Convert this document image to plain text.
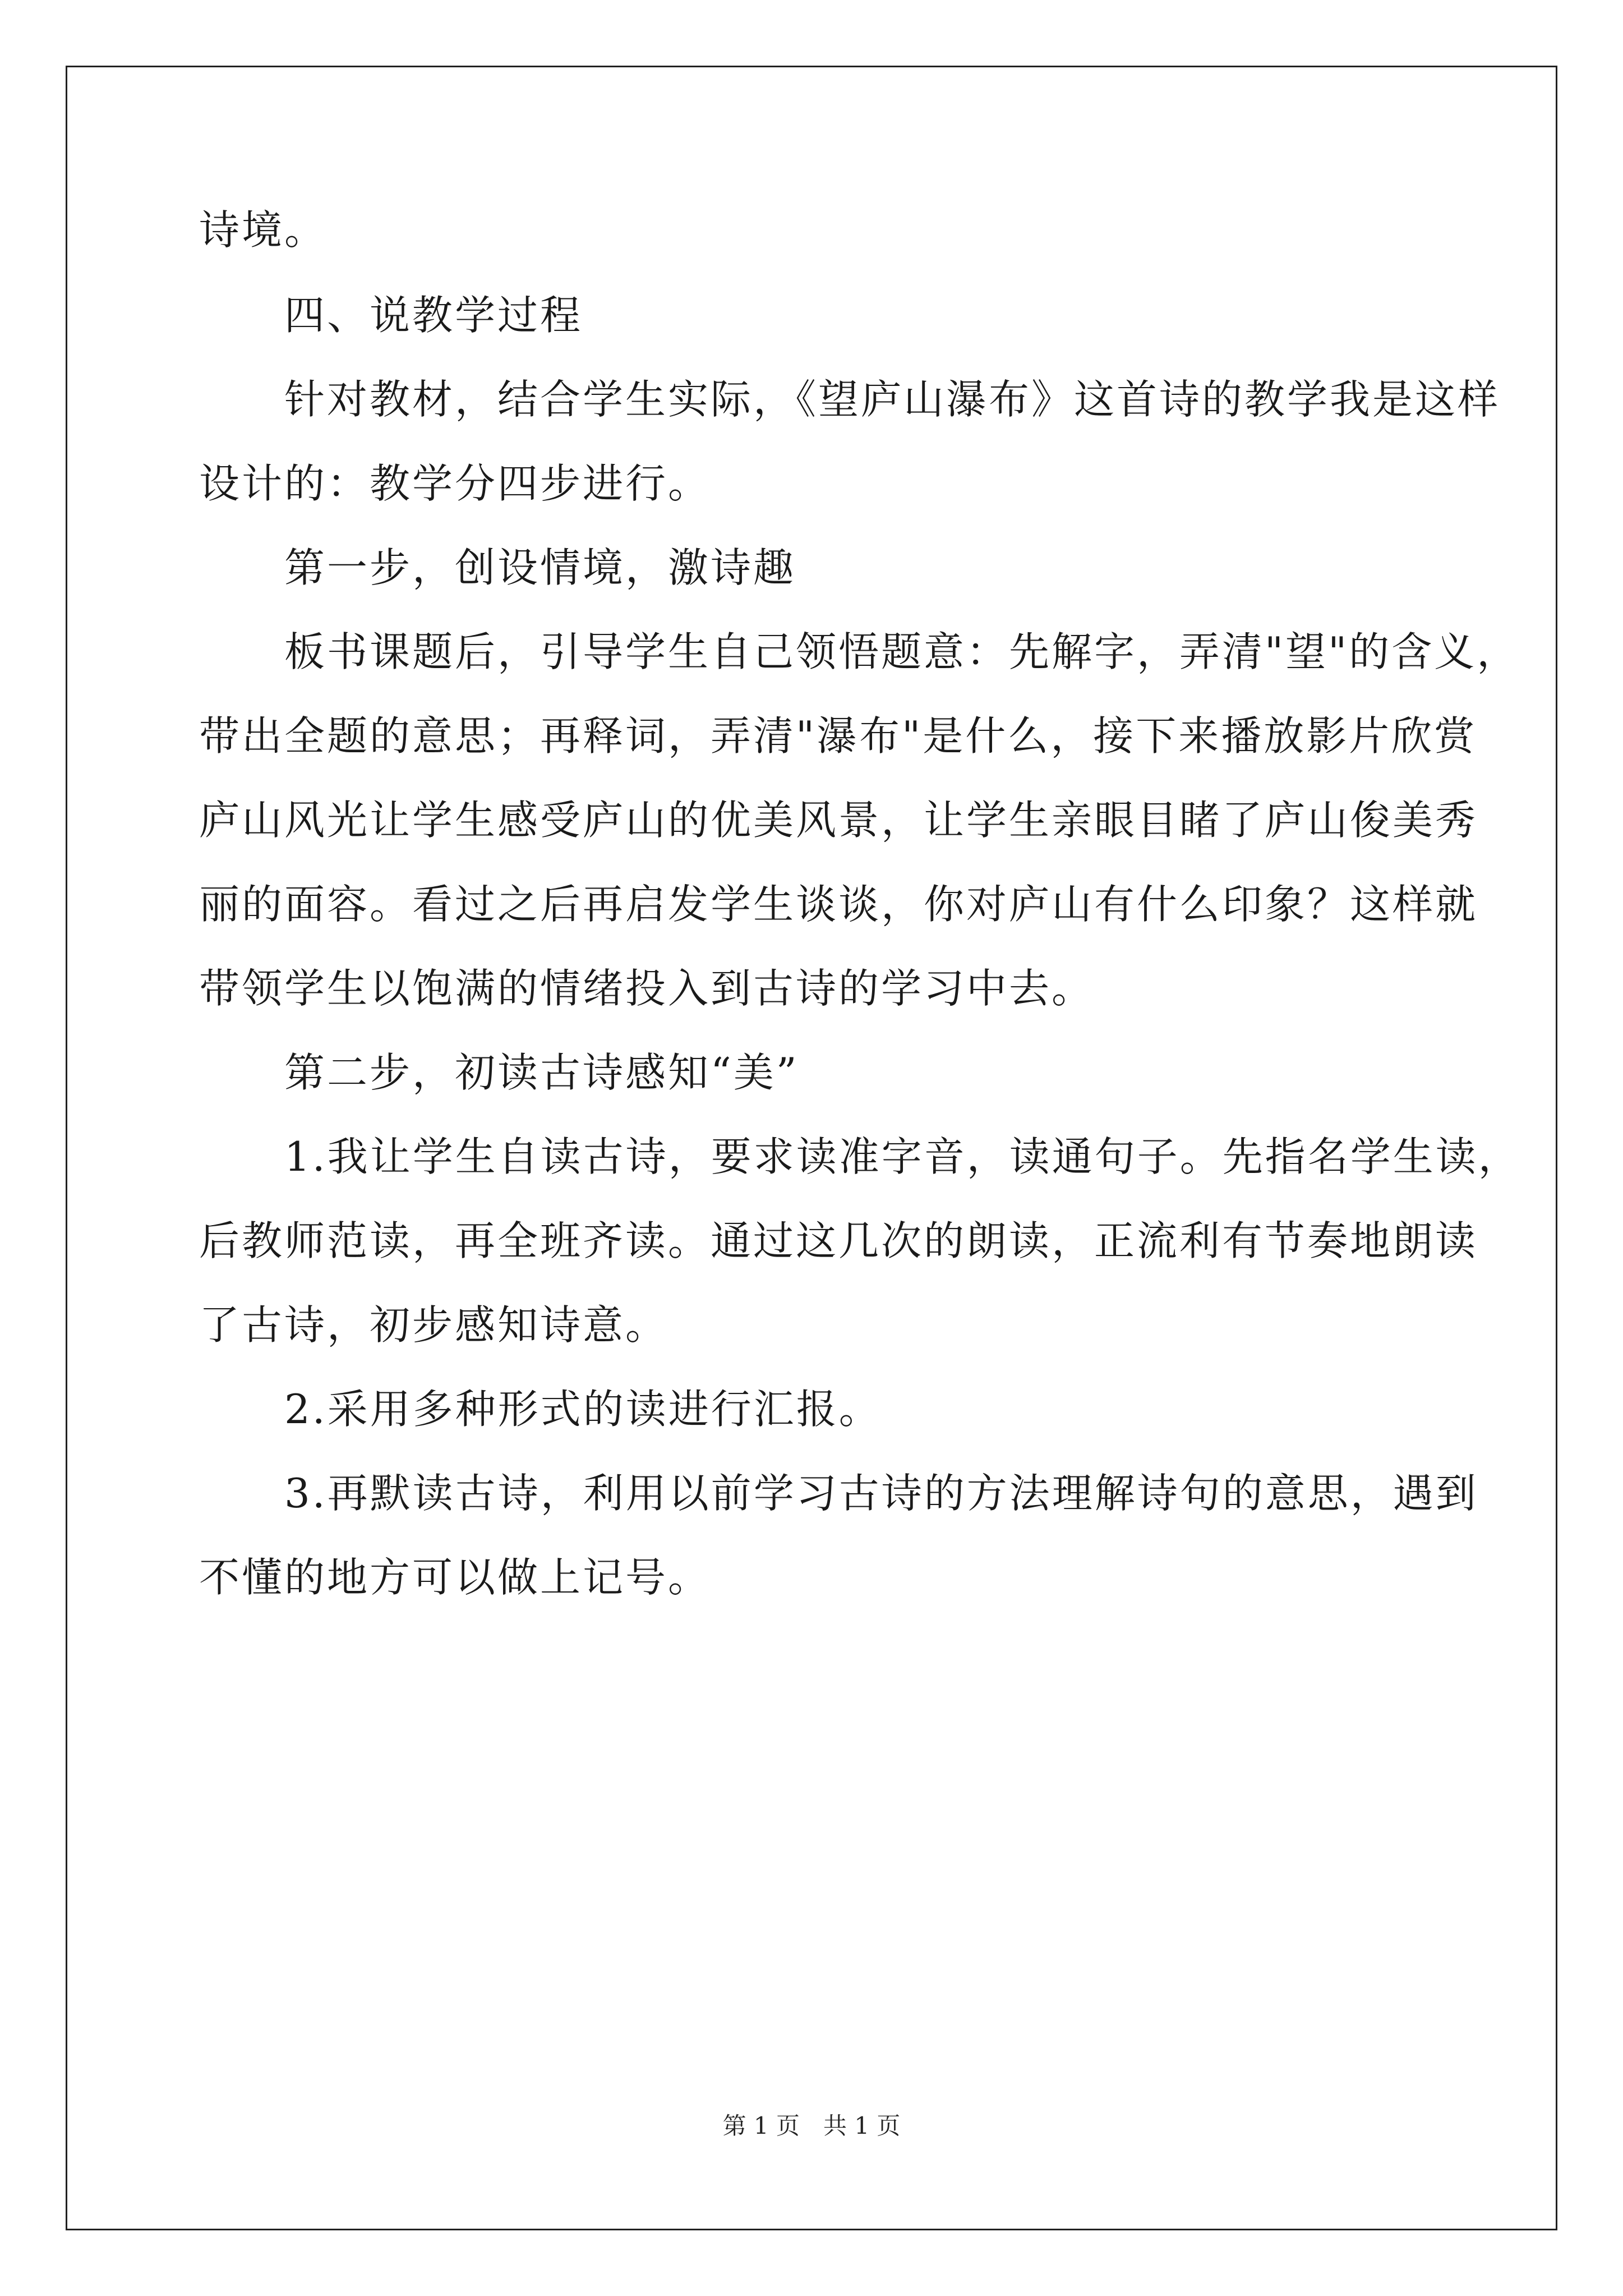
诗境。
　　四、说教学过程
　　针对教材，结合学生实际，《望庐山瀑布》这首诗的教学我是这样
设计的：教学分四步进行。
　　第一步，创设情境，激诗趣
　　板书课题后，引导学生自己领悟题意：先解字，弄清"望"的含义，
带出全题的意思；再释词，弄清"瀑布"是什么，接下来播放影片欣赏
庐山风光让学生感受庐山的优美风景，让学生亲眼目睹了庐山俊美秀
丽的面容。看过之后再启发学生谈谈，你对庐山有什么印象？这样就
带领学生以饱满的情绪投入到古诗的学习中去。
　　第二步，初读古诗感知“美”
　　1.我让学生自读古诗，要求读准字音，读通句子。先指名学生读，
后教师范读，再全班齐读。通过这几次的朗读，正流利有节奏地朗读
了古诗，初步感知诗意。
　　2.采用多种形式的读进行汇报。
　　3.再默读古诗，利用以前学习古诗的方法理解诗句的意思，遇到
不懂的地方可以做上记号。
第 1 页　共 1 页
